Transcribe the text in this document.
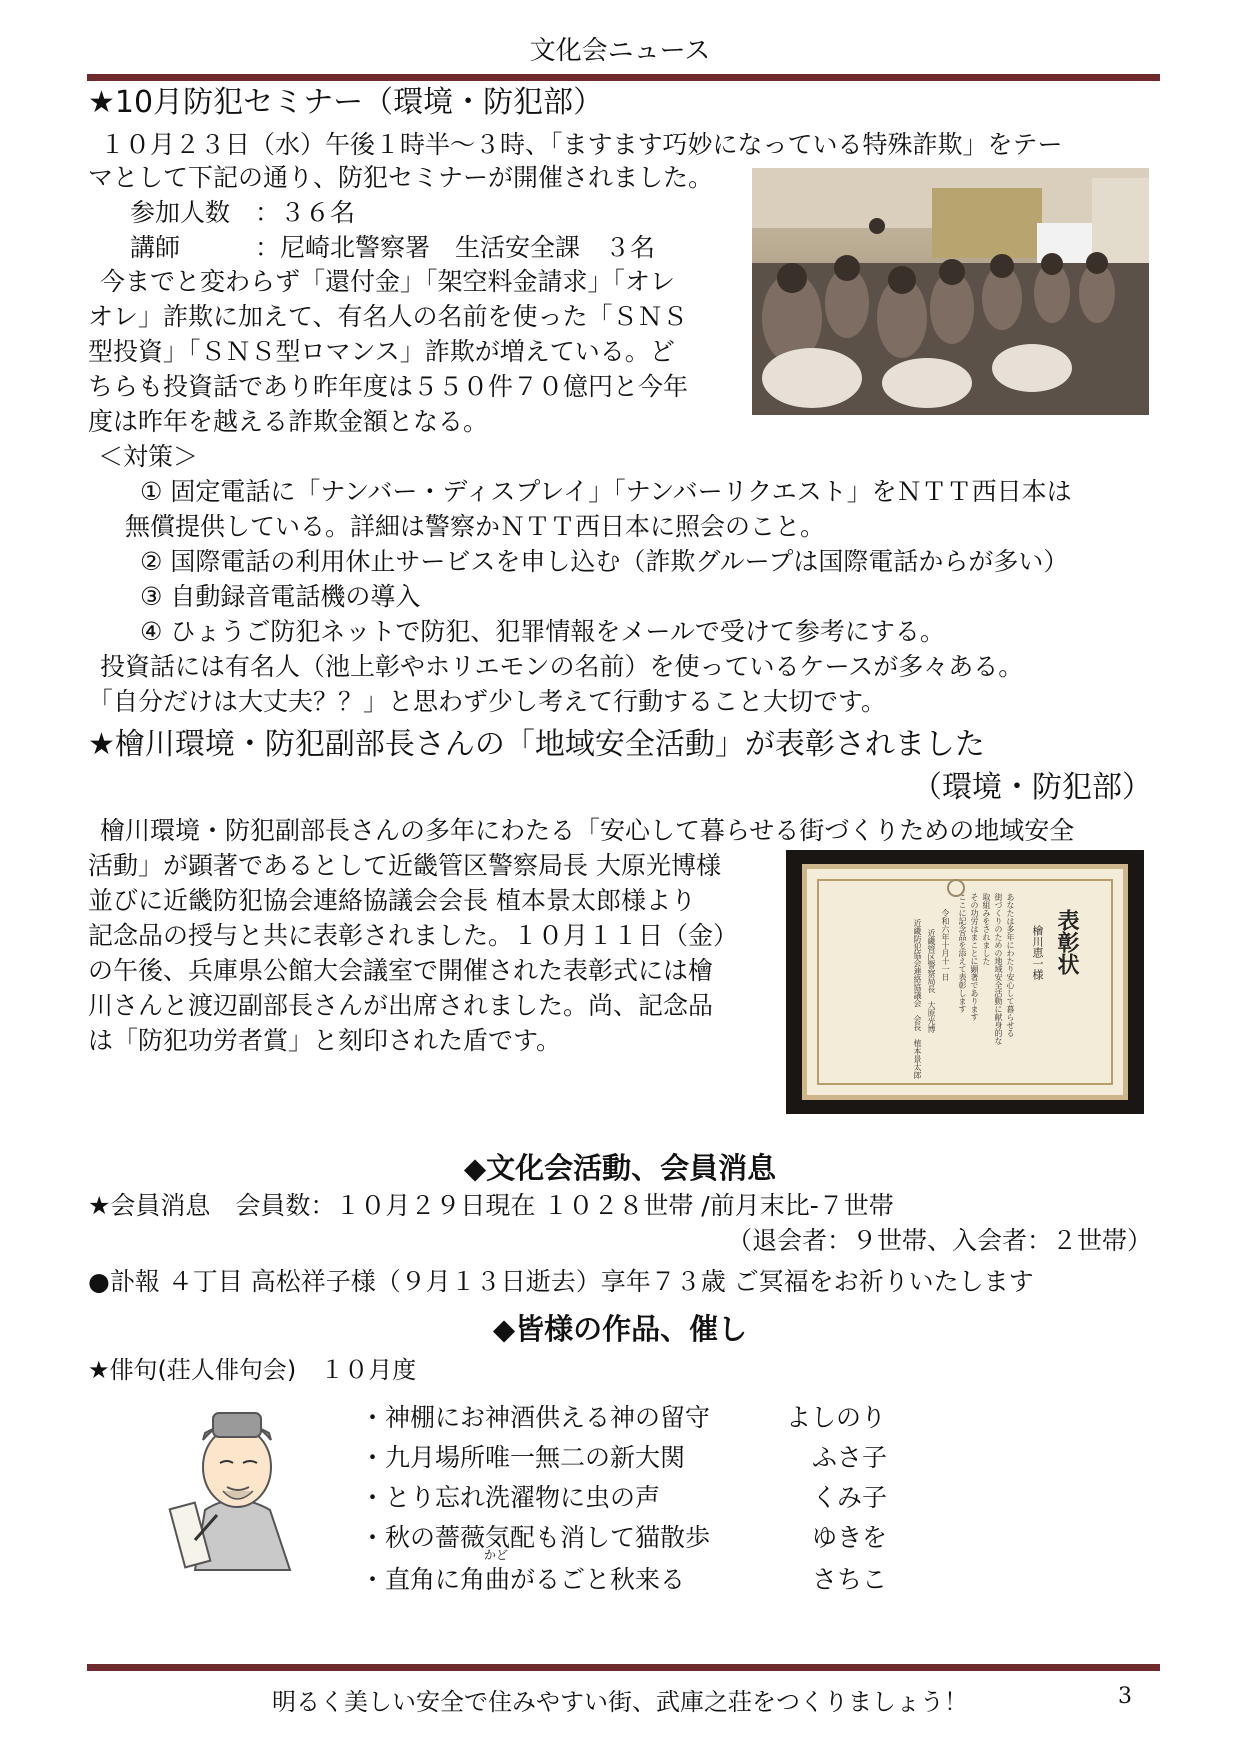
文化会ニュース
★10月防犯セミナー（環境・防犯部）
１０月２３日（水）午後１時半～３時、「ますます巧妙になっている特殊詐欺」をテー
マとして下記の通り、防犯セミナーが開催されました。
参加人数　：３６名
講師　　　：尼崎北警察署　生活安全課　３名
今までと変わらず「還付金」「架空料金請求」「オレ
オレ」詐欺に加えて、有名人の名前を使った「ＳＮＳ
型投資」「ＳＮＳ型ロマンス」詐欺が増えている。ど
ちらも投資話であり昨年度は５５０件７０億円と今年
度は昨年を越える詐欺金額となる。
＜対策＞
① 固定電話に「ナンバー・ディスプレイ」「ナンバーリクエスト」をＮＴＴ西日本は
無償提供している。詳細は警察かＮＴＴ西日本に照会のこと。
② 国際電話の利用休止サービスを申し込む（詐欺グループは国際電話からが多い）
③ 自動録音電話機の導入
④ ひょうご防犯ネットで防犯、犯罪情報をメールで受けて参考にする。
投資話には有名人（池上彰やホリエモンの名前）を使っているケースが多々ある。
「自分だけは大丈夫？？」と思わず少し考えて行動すること大切です。
★檜川環境・防犯副部長さんの「地域安全活動」が表彰されました
（環境・防犯部）
檜川環境・防犯副部長さんの多年にわたる「安心して暮らせる街づくりための地域安全
活動」が顕著であるとして近畿管区警察局長 大原光博様
並びに近畿防犯協会連絡協議会会長 植本景太郎様より
記念品の授与と共に表彰されました。１０月１１日（金）
の午後、兵庫県公館大会議室で開催された表彰式には檜
川さんと渡辺副部長さんが出席されました。尚、記念品
は「防犯功労者賞」と刻印された盾です。
表彰状
檜川恵一様
あなたは多年にわたり安心して暮らせる
街づくりのための地域安全活動に献身的な
取組みをされました
その功労はまことに顕著であります
ここに記念品を添えて表彰します
令和六年十月十一日
近畿管区警察局長　大原光博
近畿防犯協会連絡協議会　会長　植本景太郎
◆文化会活動、会員消息
★会員消息　会員数：１０月２９日現在 １０２８世帯 /前月末比-７世帯
（退会者：９世帯、入会者：２世帯）
●訃報 ４丁目 高松祥子様（９月１３日逝去）享年７３歳 ご冥福をお祈りいたします
◆皆様の作品、催し
★俳句(荘人俳句会)　１０月度
・神棚にお神酒供える神の留守	よしのり
・九月場所唯一無二の新大関	ふさ子
・とり忘れ洗濯物に虫の声	くみ子
・秋の薔薇気配も消して猫散歩	ゆきを
かど
・直角に角曲がるごと秋来る	さちこ
明るく美しい安全で住みやすい街、武庫之荘をつくりましょう！	3
